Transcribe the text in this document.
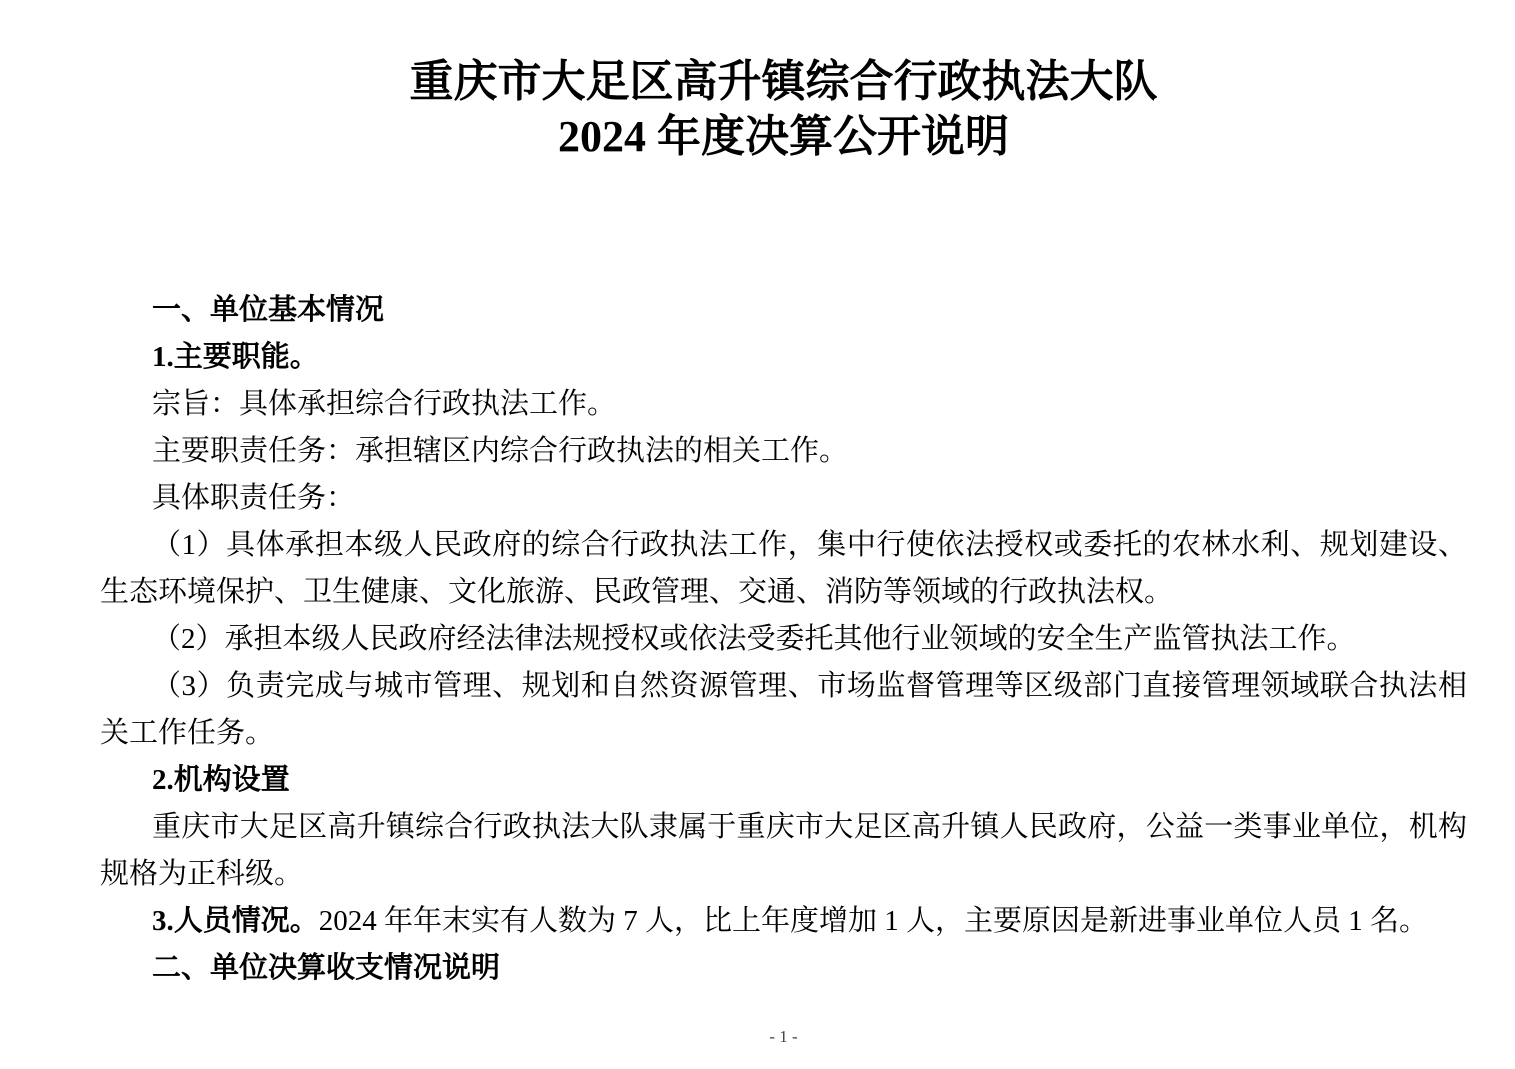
重庆市大足区高升镇综合行政执法大队
2024 年度决算公开说明

一、单位基本情况

1.主要职能。

宗旨：具体承担综合行政执法工作。

主要职责任务：承担辖区内综合行政执法的相关工作。

具体职责任务：

（1）具体承担本级人民政府的综合行政执法工作，集中行使依法授权或委托的农林水利、规划建设、生态环境保护、卫生健康、文化旅游、民政管理、交通、消防等领域的行政执法权。

（2）承担本级人民政府经法律法规授权或依法受委托其他行业领域的安全生产监管执法工作。

（3）负责完成与城市管理、规划和自然资源管理、市场监督管理等区级部门直接管理领域联合执法相关工作任务。

2.机构设置

重庆市大足区高升镇综合行政执法大队隶属于重庆市大足区高升镇人民政府，公益一类事业单位，机构规格为正科级。

3.人员情况。2024 年年末实有人数为 7 人，比上年度增加 1 人，主要原因是新进事业单位人员 1 名。

二、单位决算收支情况说明

- 1 -
